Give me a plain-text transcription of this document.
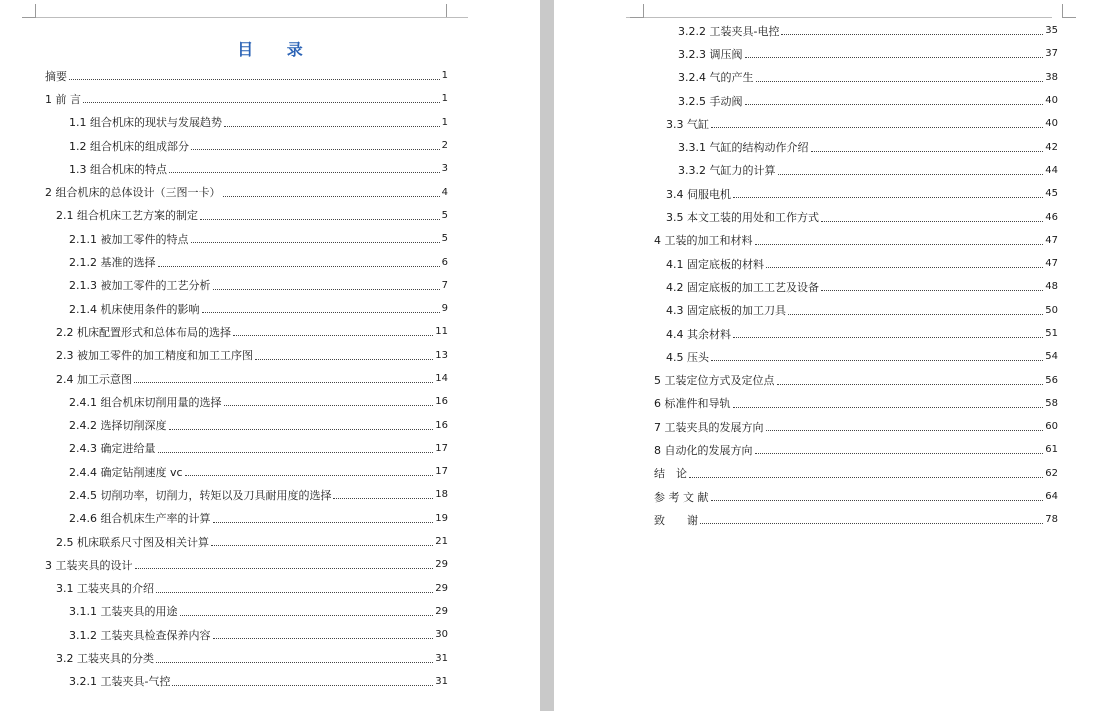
目 录
摘要	1
1 前 言	1
1.1 组合机床的现状与发展趋势	1
1.2 组合机床的组成部分	2
1.3 组合机床的特点	3
2 组合机床的总体设计（三图一卡）	4
2.1 组合机床工艺方案的制定	5
2.1.1 被加工零件的特点	5
2.1.2 基准的选择	6
2.1.3 被加工零件的工艺分析	7
2.1.4 机床使用条件的影响	9
2.2 机床配置形式和总体布局的选择	11
2.3 被加工零件的加工精度和加工工序图	13
2.4 加工示意图	14
2.4.1 组合机床切削用量的选择	16
2.4.2 选择切削深度	16
2.4.3 确定进给量	17
2.4.4 确定钻削速度 vc	17
2.4.5 切削功率，切削力，转矩以及刀具耐用度的选择	18
2.4.6 组合机床生产率的计算	19
2.5 机床联系尺寸图及相关计算	21
3 工装夹具的设计	29
3.1 工装夹具的介绍	29
3.1.1 工装夹具的用途	29
3.1.2 工装夹具检查保养内容	30
3.2 工装夹具的分类	31
3.2.1 工装夹具-气控	31
3.2.2 工装夹具-电控	35
3.2.3 调压阀	37
3.2.4 气的产生	38
3.2.5 手动阀	40
3.3 气缸	40
3.3.1 气缸的结构动作介绍	42
3.3.2 气缸力的计算	44
3.4 伺服电机	45
3.5 本文工装的用处和工作方式	46
4 工装的加工和材料	47
4.1 固定底板的材料	47
4.2 固定底板的加工工艺及设备	48
4.3 固定底板的加工刀具	50
4.4 其余材料	51
4.5 压头	54
5 工装定位方式及定位点	56
6 标准件和导轨	58
7 工装夹具的发展方向	60
8 自动化的发展方向	61
结　论	62
参 考 文 献	64
致　　谢	78
